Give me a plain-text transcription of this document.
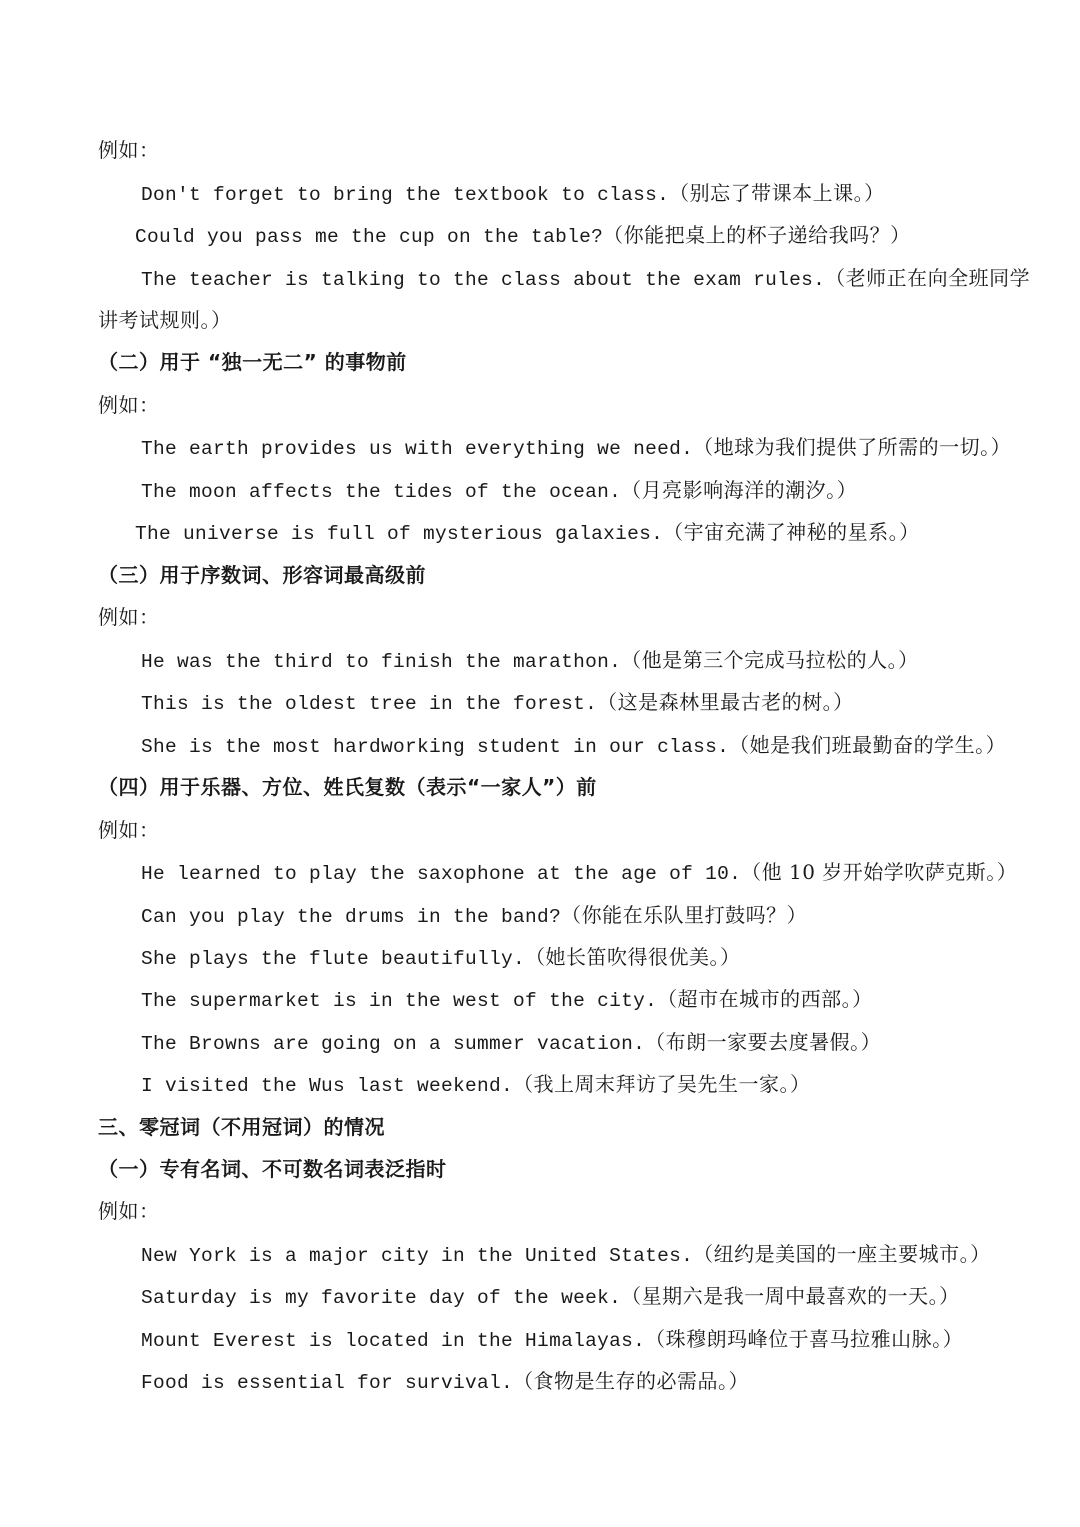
例如：
Don't forget to bring the textbook to class.（别忘了带课本上课。）
Could you pass me the cup on the table?（你能把桌上的杯子递给我吗？）
The teacher is talking to the class about the exam rules.（老师正在向全班同学
讲考试规则。）
（二）用于 “独一无二” 的事物前
例如：
The earth provides us with everything we need.（地球为我们提供了所需的一切。）
The moon affects the tides of the ocean.（月亮影响海洋的潮汐。）
The universe is full of mysterious galaxies.（宇宙充满了神秘的星系。）
（三）用于序数词、形容词最高级前
例如：
He was the third to finish the marathon.（他是第三个完成马拉松的人。）
This is the oldest tree in the forest.（这是森林里最古老的树。）
She is the most hardworking student in our class.（她是我们班最勤奋的学生。）
（四）用于乐器、方位、姓氏复数（表示“一家人”）前
例如：
He learned to play the saxophone at the age of 10.（他 10 岁开始学吹萨克斯。）
Can you play the drums in the band?（你能在乐队里打鼓吗？）
She plays the flute beautifully.（她长笛吹得很优美。）
The supermarket is in the west of the city.（超市在城市的西部。）
The Browns are going on a summer vacation.（布朗一家要去度暑假。）
I visited the Wus last weekend.（我上周末拜访了吴先生一家。）
三、零冠词（不用冠词）的情况
（一）专有名词、不可数名词表泛指时
例如：
New York is a major city in the United States.（纽约是美国的一座主要城市。）
Saturday is my favorite day of the week.（星期六是我一周中最喜欢的一天。）
Mount Everest is located in the Himalayas.（珠穆朗玛峰位于喜马拉雅山脉。）
Food is essential for survival.（食物是生存的必需品。）
